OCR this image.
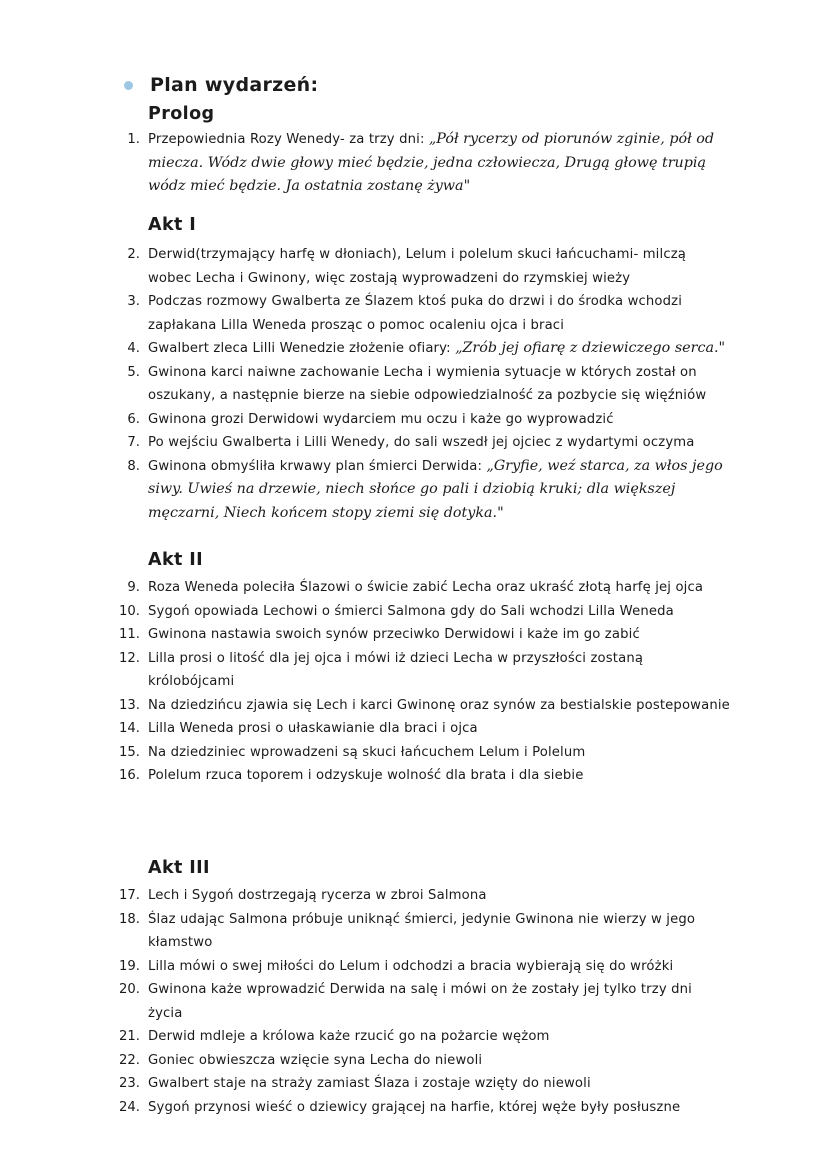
Plan wydarzeń:
Prolog
1. Przepowiednia Rozy Wenedy- za trzy dni: „Pół rycerzy od piorunów zginie, pół od miecza. Wódz dwie głowy mieć będzie, jedna człowiecza, Drugą głowę trupią wódz mieć będzie. Ja ostatnia zostanę żywa"
Akt I
2. Derwid(trzymający harfę w dłoniach), Lelum i polelum skuci łańcuchami- milczą wobec Lecha i Gwinony, więc zostają wyprowadzeni do rzymskiej wieży
3. Podczas rozmowy Gwalberta ze Ślazem ktoś puka do drzwi i do środka wchodzi zapłakana Lilla Weneda prosząc o pomoc ocaleniu ojca i braci
4. Gwalbert zleca Lilli Wenedzie złożenie ofiary: „Zrób jej ofiarę z dziewiczego serca."
5. Gwinona karci naiwne zachowanie Lecha i wymienia sytuacje w których został on oszukany, a następnie bierze na siebie odpowiedzialność za pozbycie się więźniów
6. Gwinona grozi Derwidowi wydarciem mu oczu i każe go wyprowadzić
7. Po wejściu Gwalberta i Lilli Wenedy, do sali wszedł jej ojciec z wydartymi oczyma
8. Gwinona obmyśliła krwawy plan śmierci Derwida: „Gryfie, weź starca, za włos jego siwy. Uwieś na drzewie, niech słońce go pali i dziobią kruki; dla większej męczarni, Niech końcem stopy ziemi się dotyka."
Akt II
9. Roza Weneda poleciła Ślazowi o świcie zabić Lecha oraz ukraść złotą harfę jej ojca
10. Sygoń opowiada Lechowi o śmierci Salmona gdy do Sali wchodzi Lilla Weneda
11. Gwinona nastawia swoich synów przeciwko Derwidowi i każe im go zabić
12. Lilla prosi o litość dla jej ojca i mówi iż dzieci Lecha w przyszłości zostaną królobójcami
13. Na dziedzińcu zjawia się Lech i karci Gwinonę oraz synów za bestialskie postepowanie
14. Lilla Weneda prosi o ułaskawianie dla braci i ojca
15. Na dziedziniec wprowadzeni są skuci łańcuchem Lelum i Polelum
16. Polelum rzuca toporem i odzyskuje wolność dla brata i dla siebie
Akt III
17. Lech i Sygoń dostrzegają rycerza w zbroi Salmona
18. Ślaz udając Salmona próbuje uniknąć śmierci, jedynie Gwinona nie wierzy w jego kłamstwo
19. Lilla mówi o swej miłości do Lelum i odchodzi a bracia wybierają się do wróżki
20. Gwinona każe wprowadzić Derwida na salę i mówi on że zostały jej tylko trzy dni życia
21. Derwid mdleje a królowa każe rzucić go na pożarcie wężom
22. Goniec obwieszcza wzięcie syna Lecha do niewoli
23. Gwalbert staje na straży zamiast Ślaza i zostaje wzięty do niewoli
24. Sygoń przynosi wieść o dziewicy grającej na harfie, której węże były posłuszne
